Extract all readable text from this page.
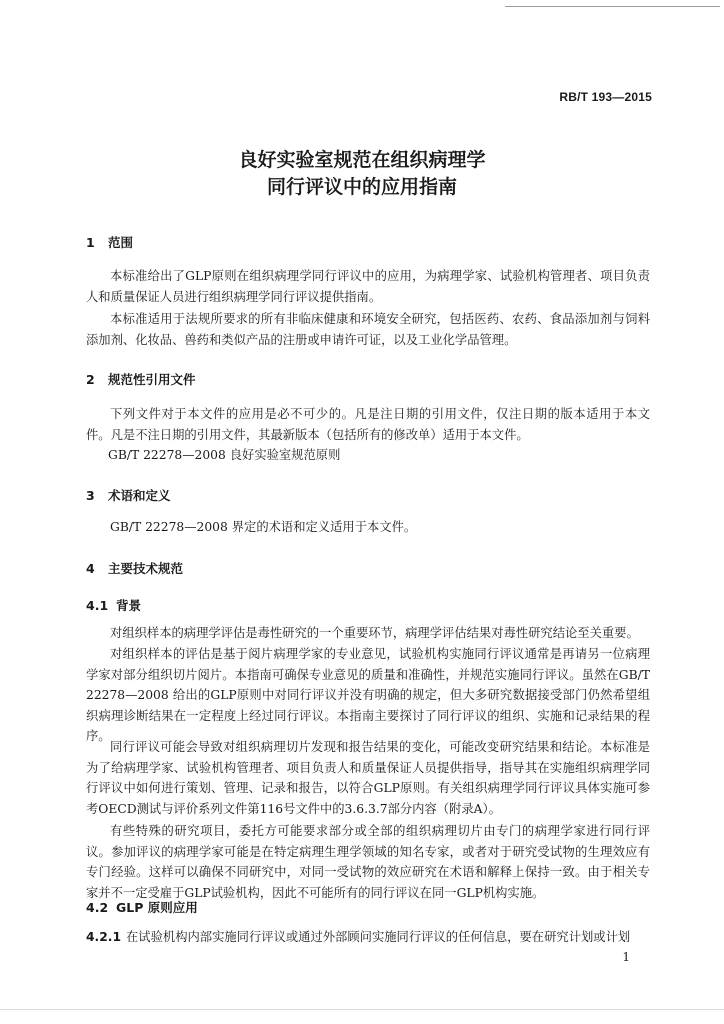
RB/T 193—2015
良好实验室规范在组织病理学
同行评议中的应用指南
1 范围
本标准给出了GLP原则在组织病理学同行评议中的应用，为病理学家、试验机构管理者、项目负责人和质量保证人员进行组织病理学同行评议提供指南。
本标准适用于法规所要求的所有非临床健康和环境安全研究，包括医药、农药、食品添加剂与饲料添加剂、化妆品、兽药和类似产品的注册或申请许可证，以及工业化学品管理。
2 规范性引用文件
下列文件对于本文件的应用是必不可少的。凡是注日期的引用文件，仅注日期的版本适用于本文件。凡是不注日期的引用文件，其最新版本（包括所有的修改单）适用于本文件。
GB/T 22278—2008 良好实验室规范原则
3 术语和定义
GB/T 22278—2008 界定的术语和定义适用于本文件。
4 主要技术规范
4.1 背景
对组织样本的病理学评估是毒性研究的一个重要环节，病理学评估结果对毒性研究结论至关重要。
对组织样本的评估是基于阅片病理学家的专业意见，试验机构实施同行评议通常是再请另一位病理学家对部分组织切片阅片。本指南可确保专业意见的质量和准确性，并规范实施同行评议。虽然在GB/T 22278—2008 给出的GLP原则中对同行评议并没有明确的规定，但大多研究数据接受部门仍然希望组织病理诊断结果在一定程度上经过同行评议。本指南主要探讨了同行评议的组织、实施和记录结果的程序。
同行评议可能会导致对组织病理切片发现和报告结果的变化，可能改变研究结果和结论。本标准是为了给病理学家、试验机构管理者、项目负责人和质量保证人员提供指导，指导其在实施组织病理学同行评议中如何进行策划、管理、记录和报告，以符合GLP原则。有关组织病理学同行评议具体实施可参考OECD测试与评价系列文件第116号文件中的3.6.3.7部分内容（附录A）。
有些特殊的研究项目，委托方可能要求部分或全部的组织病理切片由专门的病理学家进行同行评议。参加评议的病理学家可能是在特定病理生理学领域的知名专家，或者对于研究受试物的生理效应有专门经验。这样可以确保不同研究中，对同一受试物的效应研究在术语和解释上保持一致。由于相关专家并不一定受雇于GLP试验机构，因此不可能所有的同行评议在同一GLP机构实施。
4.2 GLP 原则应用
4.2.1 在试验机构内部实施同行评议或通过外部顾问实施同行评议的任何信息，要在研究计划或计划
1
